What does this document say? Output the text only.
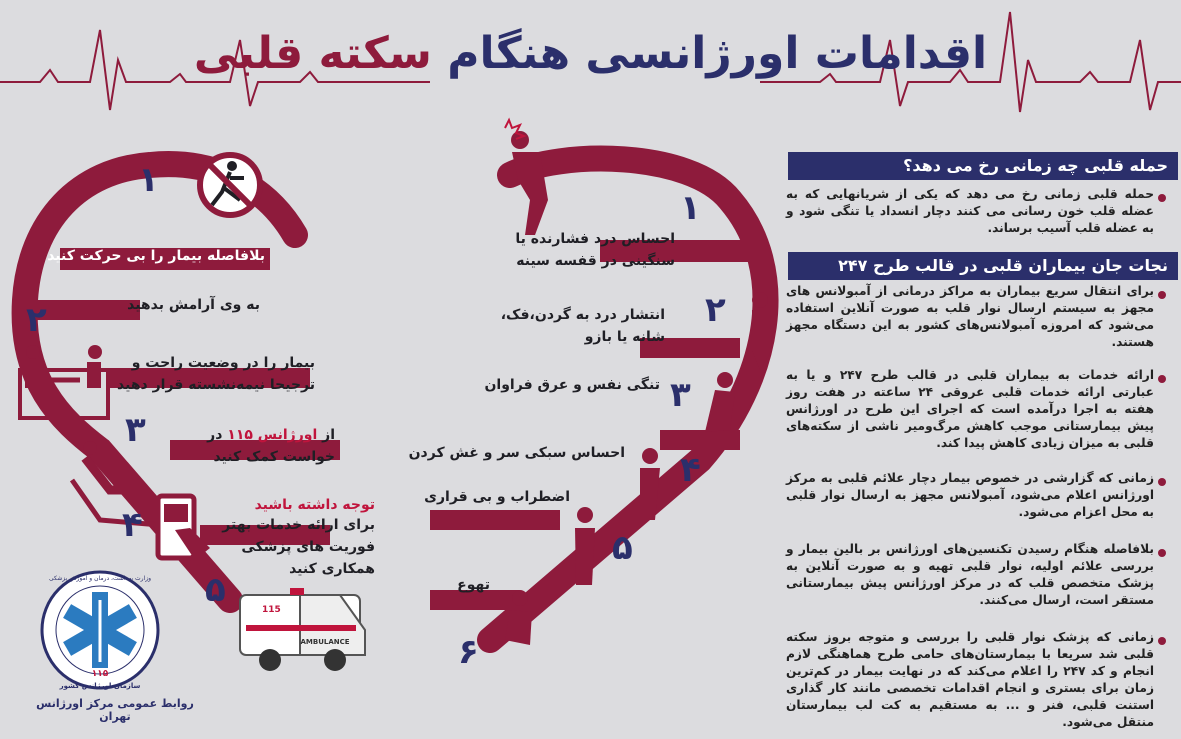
AMBULANCE
115
۱۱۵
سازمان اورژانس کشور
وزارت بهداشت، درمان و آموزش پزشکی
اقدامات اورژانسی هنگام سکته قلبی
۱
بلافاصله بیمار را بی حرکت کنید
به وی آرامش بدهید
۲
بیمار را در وضعیت راحت و ترجیحا نیمه‌نشسته قرار دهید
۳	از اورژانس ۱۱۵ در خواست کمک کنید
۴	توجه داشته باشید
برای ارائه خدمات بهتر فوریت های پزشکی همکاری کنید
۵
۱
احساس درد فشارنده یا سنگینی در قفسه سینه
۲
انتشار درد به گردن،فک، شانه یا بازو
۳
تنگی نفس و عرق فراوان
۴
احساس سبکی سر و غش کردن
۵
اضطراب و بی قراری
۶
تهوع
حمله قلبی چه زمانی رخ می دهد؟
حمله قلبی زمانی رخ می دهد که یکی از شریانهایی که به عضله قلب خون رسانی می کنند دچار انسداد یا تنگی شود و به عضله قلب آسیب برساند.
نجات جان بیماران قلبی در قالب طرح ۲۴۷
برای انتقال سریع بیماران به مراکز درمانی از آمبولانس های مجهز به سیستم ارسال نوار قلب به صورت آنلاین استفاده می‌شود که امروزه آمبولانس‌های کشور به این دستگاه مجهز هستند.
ارائه خدمات به بیماران قلبی در قالب طرح ۲۴۷ و یا به عبارتی ارائه خدمات قلبی عروقی ۲۴ ساعته در هفت روز هفته به اجرا درآمده است که اجرای این طرح در اورژانس پیش بیمارستانی موجب کاهش مرگ‌ومیر ناشی از سکته‌های قلبی به میزان زیادی کاهش پیدا کند.
زمانی که گزارشی در خصوص بیمار دچار علائم قلبی به مرکز اورژانس اعلام می‌شود، آمبولانس مجهز به ارسال نوار قلبی به محل اعزام می‌شود.
بلافاصله هنگام رسیدن تکنسین‌های اورژانس بر بالین بیمار و بررسی علائم اولیه، نوار قلبی تهیه و به صورت آنلاین به پزشک متخصص قلب که در مرکز اورژانس پیش بیمارستانی مستقر است، ارسال می‌کنند.
زمانی که پزشک نوار قلبی را بررسی و متوجه بروز سکته قلبی شد سریعا با بیمارستان‌های حامی طرح هماهنگی لازم انجام و کد ۲۴۷ را اعلام می‌کند که در نهایت بیمار در کم‌ترین زمان برای بستری و انجام اقدامات تخصصی مانند کار گذاری استنت قلبی، فنر و ... به مستقیم به کت لب بیمارستان منتقل می‌شود.
روابط عمومی مرکز اورژانس تهران
